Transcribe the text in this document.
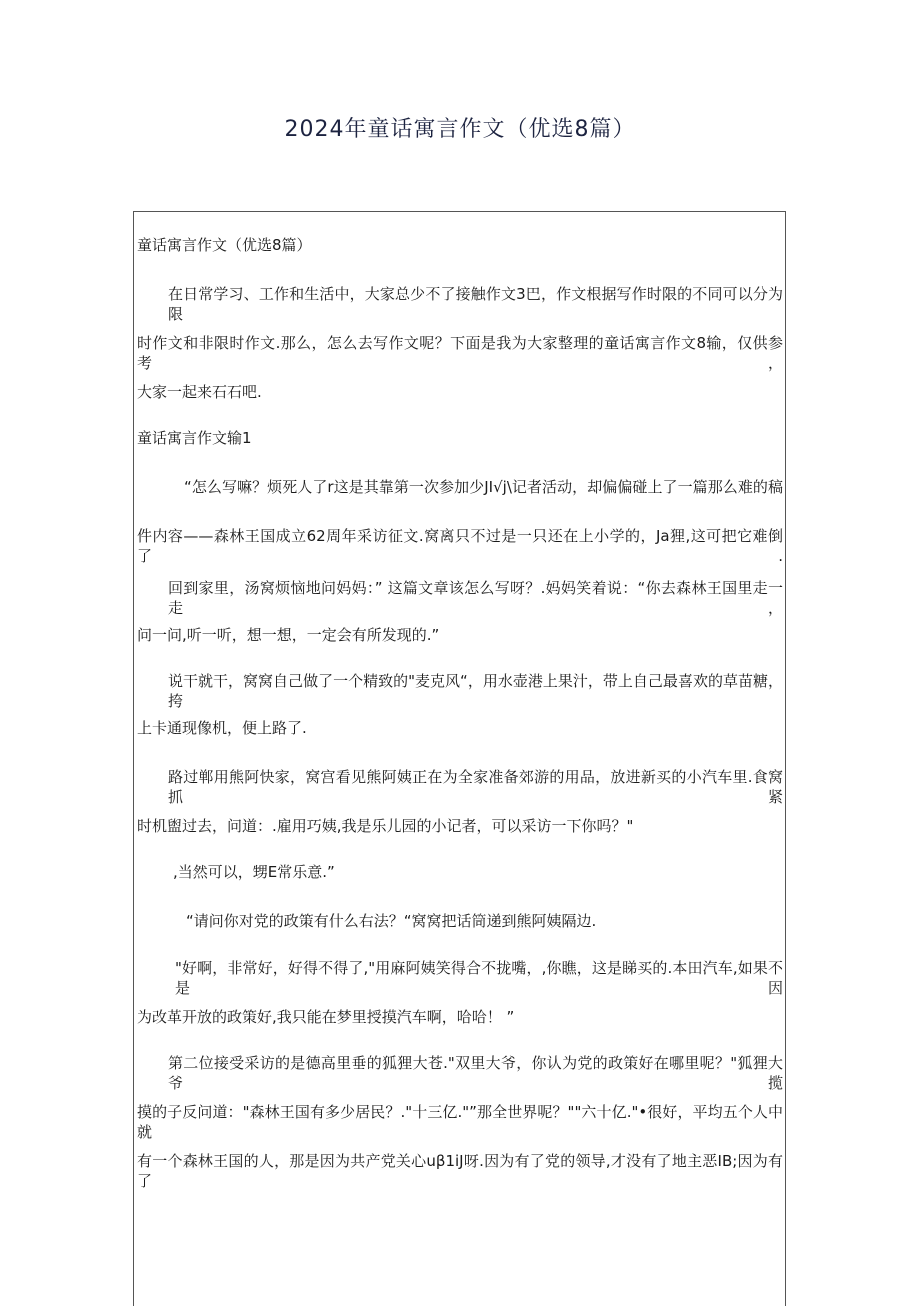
2024年童话寓言作文（优选8篇）
童话寓言作文（优选8篇）
在日常学习、工作和生活中，大家总少不了接触作文3巴，作文根据写作时限的不同可以分为限
时作文和非限时作文.那么，怎么去写作文呢？下面是我为大家整理的童话寓言作文8输，仅供参考，
大家一起来石石吧.
童话寓言作文输1
“怎么写嘛？烦死人了r这是其靠第一次参加少JI√j\记者活动，却偏偏碰上了一篇那么难的稿
件内容——森林王国成立62周年采访征文.窝离只不过是一只还在上小学的，Ja狸,这可把它难倒了.
回到家里，汤窝烦恼地问妈妈：” 这篇文章该怎么写呀？.妈妈笑着说：“你去森林王国里走一走，
问一问,听一听，想一想，一定会有所发现的.”
说干就干，窝窝自己做了一个精致的"麦克风“，用水壶港上果汁，带上自己最喜欢的草苗糖，挎
上卡通现像机，便上路了.
路过郸用熊阿快家，窝宫看见熊阿姨正在为全家准备郊游的用品，放进新买的小汽车里.食窝抓紧
时机盥过去，问道：.雇用巧姨,我是乐儿园的小记者，可以采访一下你吗？"
,当然可以，甥E常乐意.”
“请问你对党的政策有什么右法？“窝窝把话筒递到熊阿姨隔边.
"好啊，非常好，好得不得了,"用麻阿姨笑得合不拢嘴，,你瞧，这是睇买的.本田汽车,如果不是因
为改革开放的政策好,我只能在梦里授摸汽车啊，哈哈！ ”
第二位接受采访的是德高里垂的狐狸大苍."双里大爷，你认为党的政策好在哪里呢？"狐狸大爷揽
摸的子反问道："森林王国有多少居民？."十三亿."”那全世界呢？""六十亿."•很好，平均五个人中就
有一个森林王国的人，那是因为共产党关心uβ1iJ呀.因为有了党的领导,才没有了地主恶IB;因为有了
